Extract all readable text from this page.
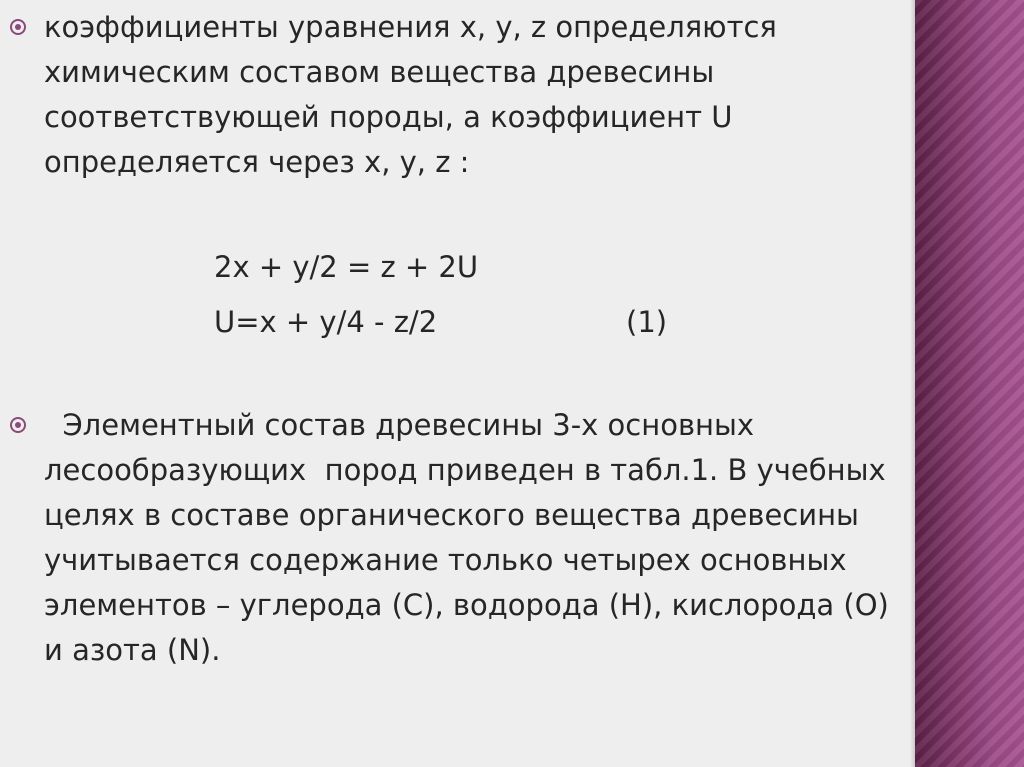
коэффициенты уравнения x, y, z определяются химическим составом вещества древесины соответствующей породы, а коэффициент U определяется через x, y, z :

2x + y/2 = z + 2U

U=x + y/4 - z/2	(1)

Элементный состав древесины 3-х основных лесообразующих  пород приведен в табл.1. В учебных целях в составе органического вещества древесины учитывается содержание только четырех основных элементов – углерода (С), водорода (Н), кислорода (О) и азота (N).
